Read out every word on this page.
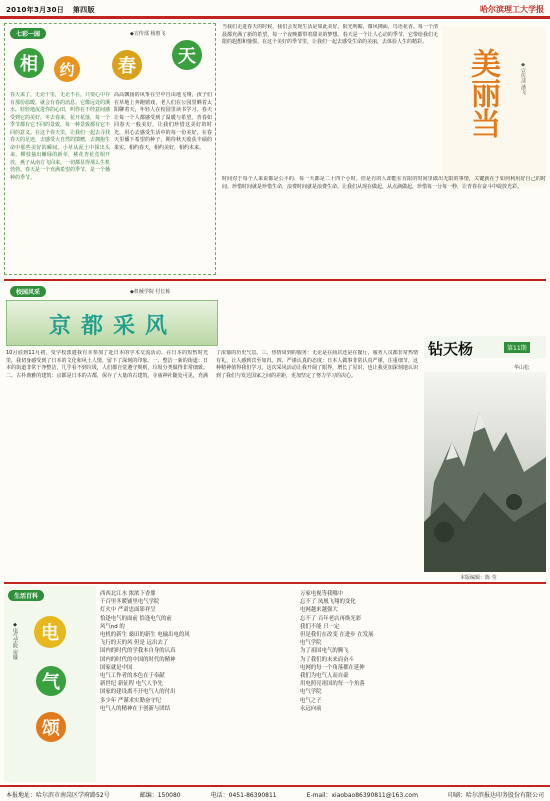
2010年3月30日 第四版	哈尔滨理工大学报
七彩一园	◆宣传部 杨惠飞
相	约	春	天
春天来了，无论千里，无论不在，只要心中存有那份温暖，就会有春的消息。它像远处的溪水，轻轻地流进你的心田，叫你在不经意间感受到它的美好。冬去春来，花开花落，每一个季节都有它不同的景致，每一种景致都有它不同的意义。在这个春天里，让我们一起去寻找春天的足迹，去感受大自然的馈赠，去拥抱生命中那些美好的瞬间。小草从泥土中探出头来，柳枝抽出嫩绿的新芽，桃花杏花竞相开放，燕子从南方飞回来，一切都显得那么生机勃勃。春天是一个充满希望的季节，是一个播种的季节。
高高飘扬的风筝在空中自由地飞翔，孩子们在草地上奔跑嬉戏，老人们在公园里晒着太阳聊着天，年轻人在校园里读书学习。春天让每一个人都感受到了温暖与希望。青春如同春天一般美好，让我们珍惜这美好的时光，用心去感受生活中的每一份美好，在春天里播下希望的种子，期待秋天收获丰硕的果实。相约春天，相约美好，相约未来。
当我们走进春天的时候，我们会发现生活是如此美好。阳光明媚，微风拂面，鸟语花香。每一个清晨都充满了新的希望，每一个夜晚都带着甜美的梦想。春天是一个让人心动的季节，它带给我们无限的遐想和憧憬。在这个美好的季节里，让我们一起去感受生命的美丽，去体验人生的精彩。
美丽当	◆宣传部 潘飞
时间对于每个人来说都是公平的，每一天都是二十四个小时。但是有的人却能在有限的时间里做出无限的事情，关键就在于如何利用好自己的时间。珍惜时间就是珍惜生命，浪费时间就是浪费生命。让我们从现在做起，从点滴做起，珍惜每一分每一秒，让青春在奋斗中绽放光彩。
校园风采	◆机械学院 付长栋
京都采风
10月底到11月初，受学校派遣我有幸参加了赴日本的学术交流活动。在日本的短暂时光里，我切身感受到了日本的文化和风土人情，留下了深刻的印象。一、整洁一新的街道：日本的街道非常干净整洁，几乎看不到垃圾，人们都自觉遵守规则，垃圾分类做得非常细致。二、古朴典雅的建筑：京都是日本的古都，保存了大量的古建筑，寺庙神社随处可见，充满了浓郁的历史气息。三、热情周到的服务：无论是在商店还是在餐厅，服务人员都非常热情有礼，让人感到宾至如归。四、严谨认真的态度：日本人做事非常认真严谨，注重细节，这种精神值得我们学习。这次采风活动让我开阔了眼界，增长了见识，也让我更加深刻地认识到了我们与发达国家之间的差距，更加坚定了努力学习的决心。
钻天杨	第11期
华山松
本版编辑：陈 莹
生活百科
电
气
颂
◆电气学院 房璇
西西北江水 浓浓下香鼎
千百里冬暖铺里电气学院
灯火中 严肃忠面影祥呈
恰逢电气的面前 恰逢电气的前
风气nd 的
电机的新生 桑田的新生 电输出电的风
飞行的天的风 但是 远出去了
国内的时代的学我本自身的认真
国内的时代的中国的时代的精神
国家就是中国
电气工作者的本色在于奉献
新世纪 新征程 电气人争先
国家的建设离不开电气人的付出
多少年 严谨求实勤奋守纪
电气人的精神在于创新与团结
万家电视等我哪中
忘不了 凤凰飞翔的变化
电网越来越强大
忘不了 百年老店再焕光彩
我们不能 只一定
但是我们在改变 在进步 在发展
电气学院
为了祖国电气的腾飞
为了我们的未来而奋斗
电网的每一个角落都在延伸
我们为电气人而自豪
用电照亮祖国的每一个角落
电气学院
电气之子
永远向前
本报地址：哈尔滨市南岗区学府路52号	邮编：150080	电话：0451-86390811	E-mail：xiaobao86390811@163.com	印刷：哈尔滨报达印务股份有限公司
